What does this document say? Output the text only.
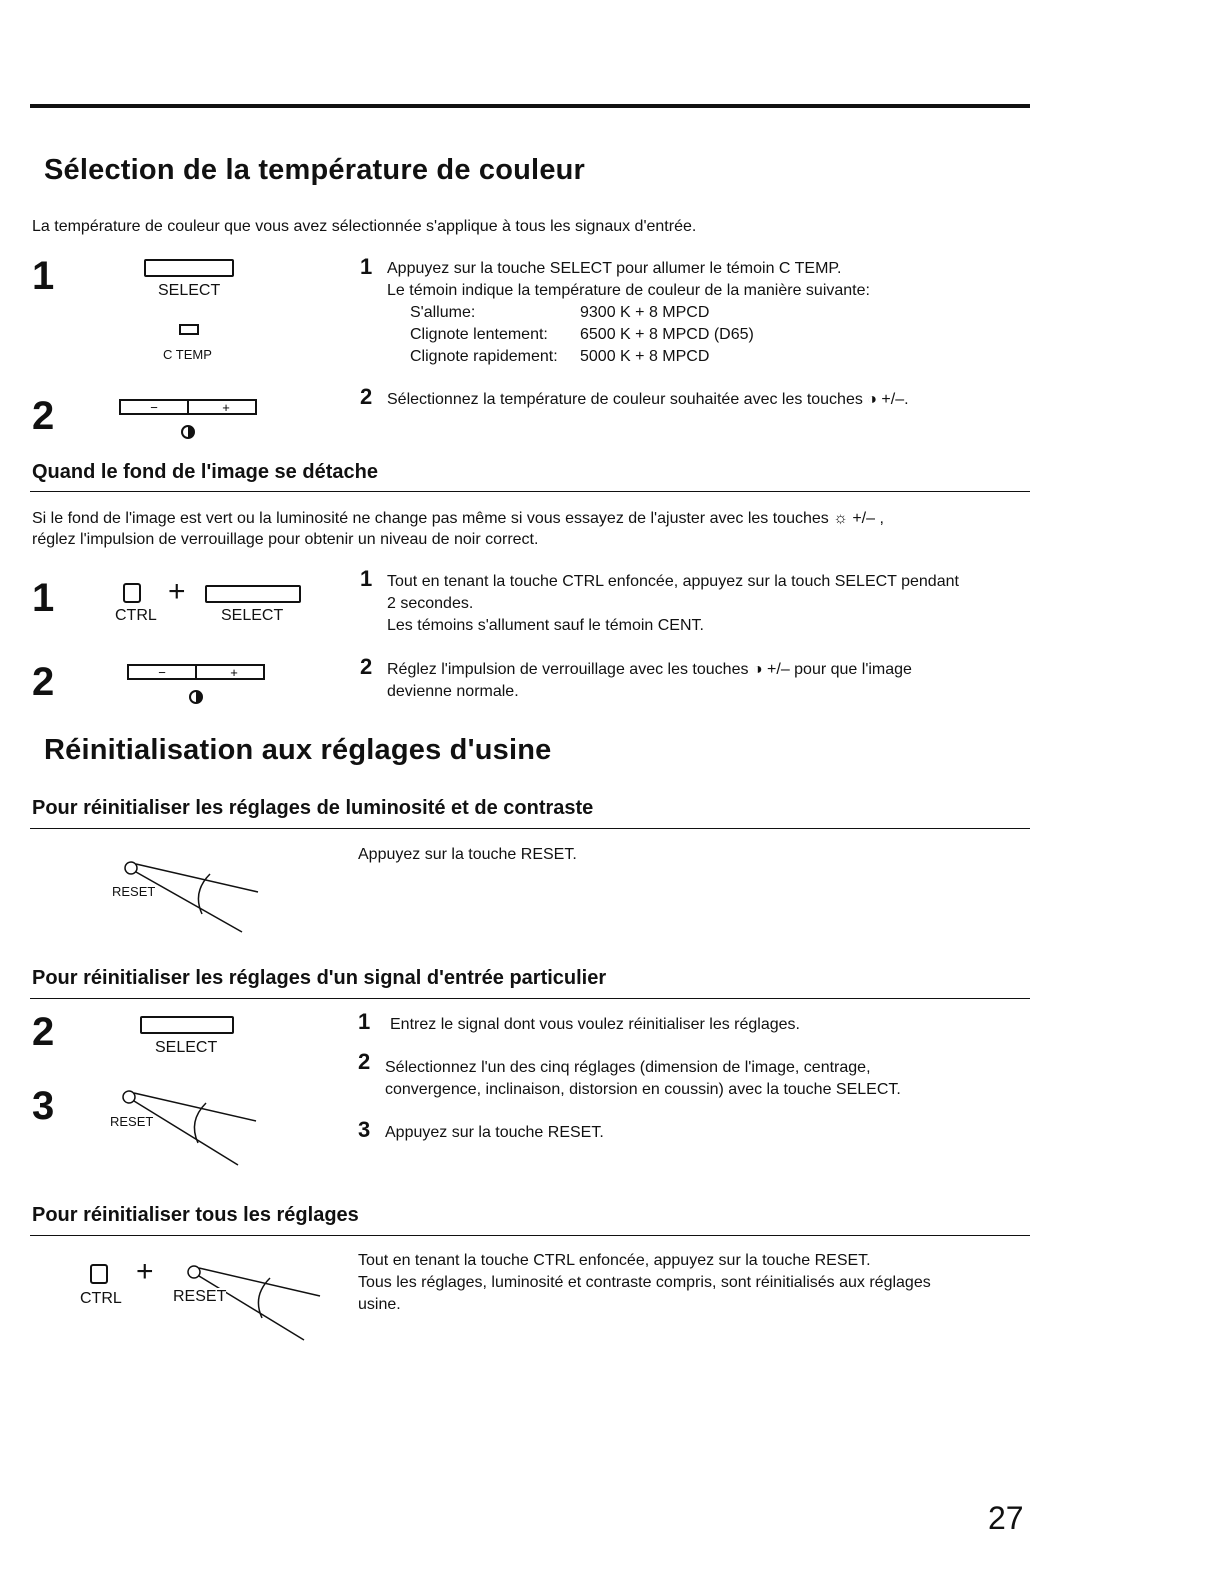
Sélection de la température de couleur
La température de couleur que vous avez sélectionnée s'applique à tous les signaux d'entrée.
1	SELECT
C TEMP
2	−	+
1 Appuyez sur la touche SELECT pour allumer le témoin C TEMP.
Le témoin indique la température de couleur de la manière suivante:
S'allume:	9300 K + 8 MPCD
Clignote lentement: 6500 K + 8 MPCD (D65)
Clignote rapidement: 5000 K + 8 MPCD
2 Sélectionnez la température de couleur souhaitée avec les touches ◑ +/–.
Quand le fond de l'image se détache
Si le fond de l'image est vert ou la luminosité ne change pas même si vous essayez de l'ajuster avec les touches ☼ +/– ,
réglez l'impulsion de verrouillage pour obtenir un niveau de noir correct.
1	+
CTRL	SELECT
2	−	+
1 Tout en tenant la touche CTRL enfoncée, appuyez sur la touch SELECT pendant
2 secondes.
Les témoins s'allument sauf le témoin CENT.
2 Réglez l'impulsion de verrouillage avec les touches ◑ +/– pour que l'image
devienne normale.
Réinitialisation aux réglages d'usine
Pour réinitialiser les réglages de luminosité et de contraste
RESET
Appuyez sur la touche RESET.
Pour réinitialiser les réglages d'un signal d'entrée particulier
2	SELECT
3	RESET
1 Entrez le signal dont vous voulez réinitialiser les réglages.
2 Sélectionnez l'un des cinq réglages (dimension de l'image, centrage,
convergence, inclinaison, distorsion en coussin) avec la touche SELECT.
3 Appuyez sur la touche RESET.
Pour réinitialiser tous les réglages
+
CTRL	RESET
Tout en tenant la touche CTRL enfoncée, appuyez sur la touche RESET.
Tous les réglages, luminosité et contraste compris, sont réinitialisés aux réglages
usine.
27
